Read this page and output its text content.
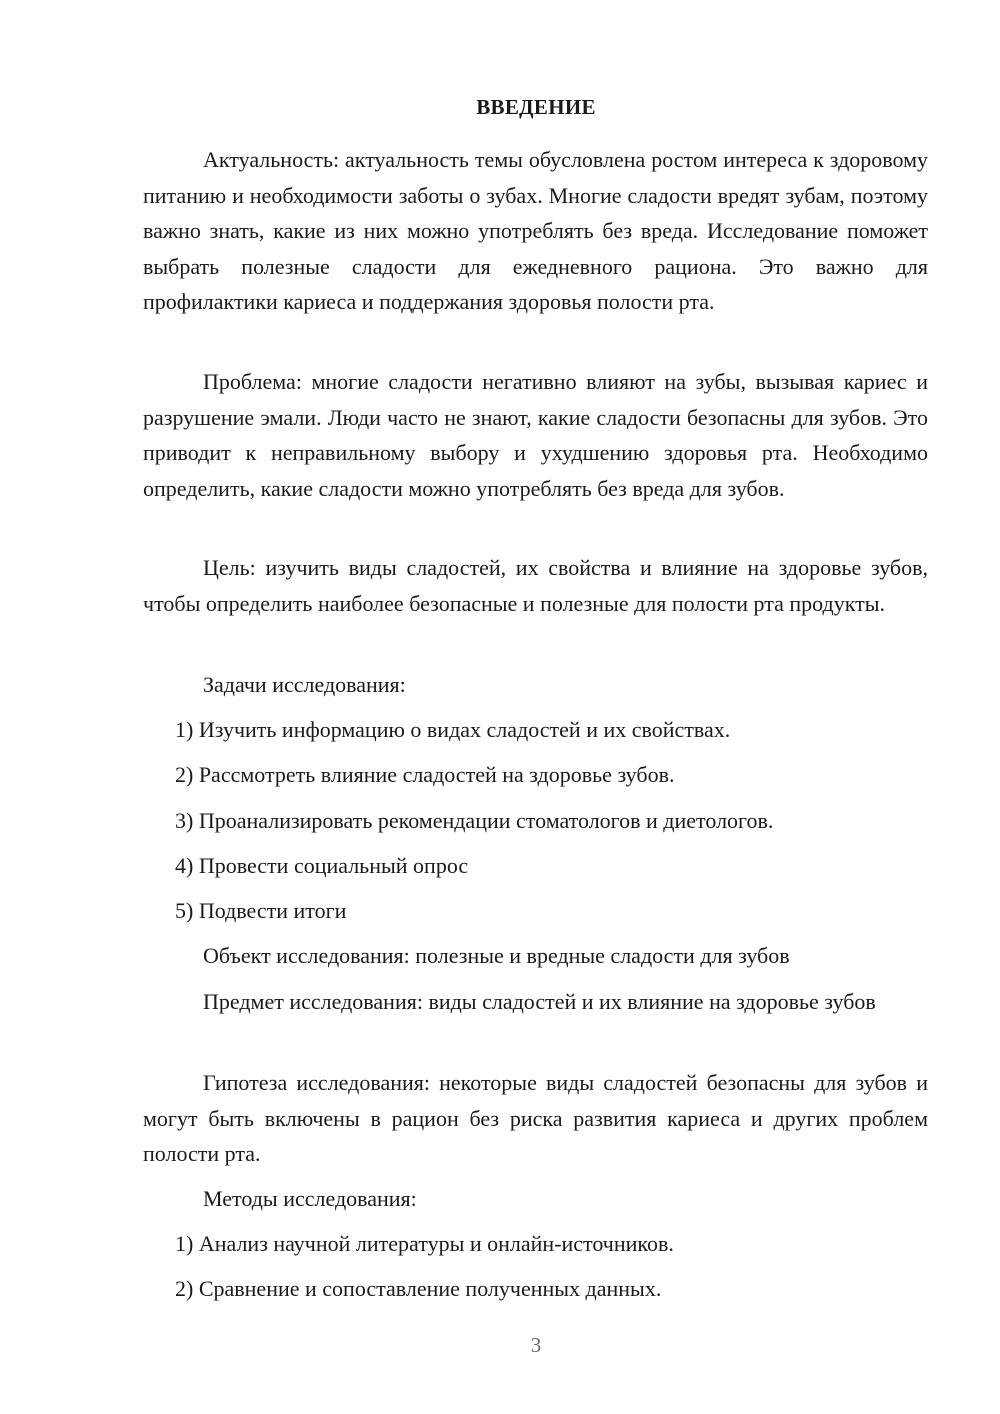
ВВЕДЕНИЕ

Актуальность: актуальность темы обусловлена ростом интереса к здоровому питанию и необходимости заботы о зубах. Многие сладости вредят зубам, поэтому важно знать, какие из них можно употреблять без вреда. Исследование поможет выбрать полезные сладости для ежедневного рациона. Это важно для профилактики кариеса и поддержания здоровья полости рта.

Проблема: многие сладости негативно влияют на зубы, вызывая кариес и разрушение эмали. Люди часто не знают, какие сладости безопасны для зубов. Это приводит к неправильному выбору и ухудшению здоровья рта. Необходимо определить, какие сладости можно употреблять без вреда для зубов.

Цель: изучить виды сладостей, их свойства и влияние на здоровье зубов, чтобы определить наиболее безопасные и полезные для полости рта продукты.

Задачи исследования:

1) Изучить информацию о видах сладостей и их свойствах.

2) Рассмотреть влияние сладостей на здоровье зубов.

3) Проанализировать рекомендации стоматологов и диетологов.

4) Провести социальный опрос

5) Подвести итоги

Объект исследования: полезные и вредные сладости для зубов

Предмет исследования: виды сладостей и их влияние на здоровье зубов

Гипотеза исследования: некоторые виды сладостей безопасны для зубов и могут быть включены в рацион без риска развития кариеса и других проблем полости рта.

Методы исследования:

1) Анализ научной литературы и онлайн-источников.

2) Сравнение и сопоставление полученных данных.

3
